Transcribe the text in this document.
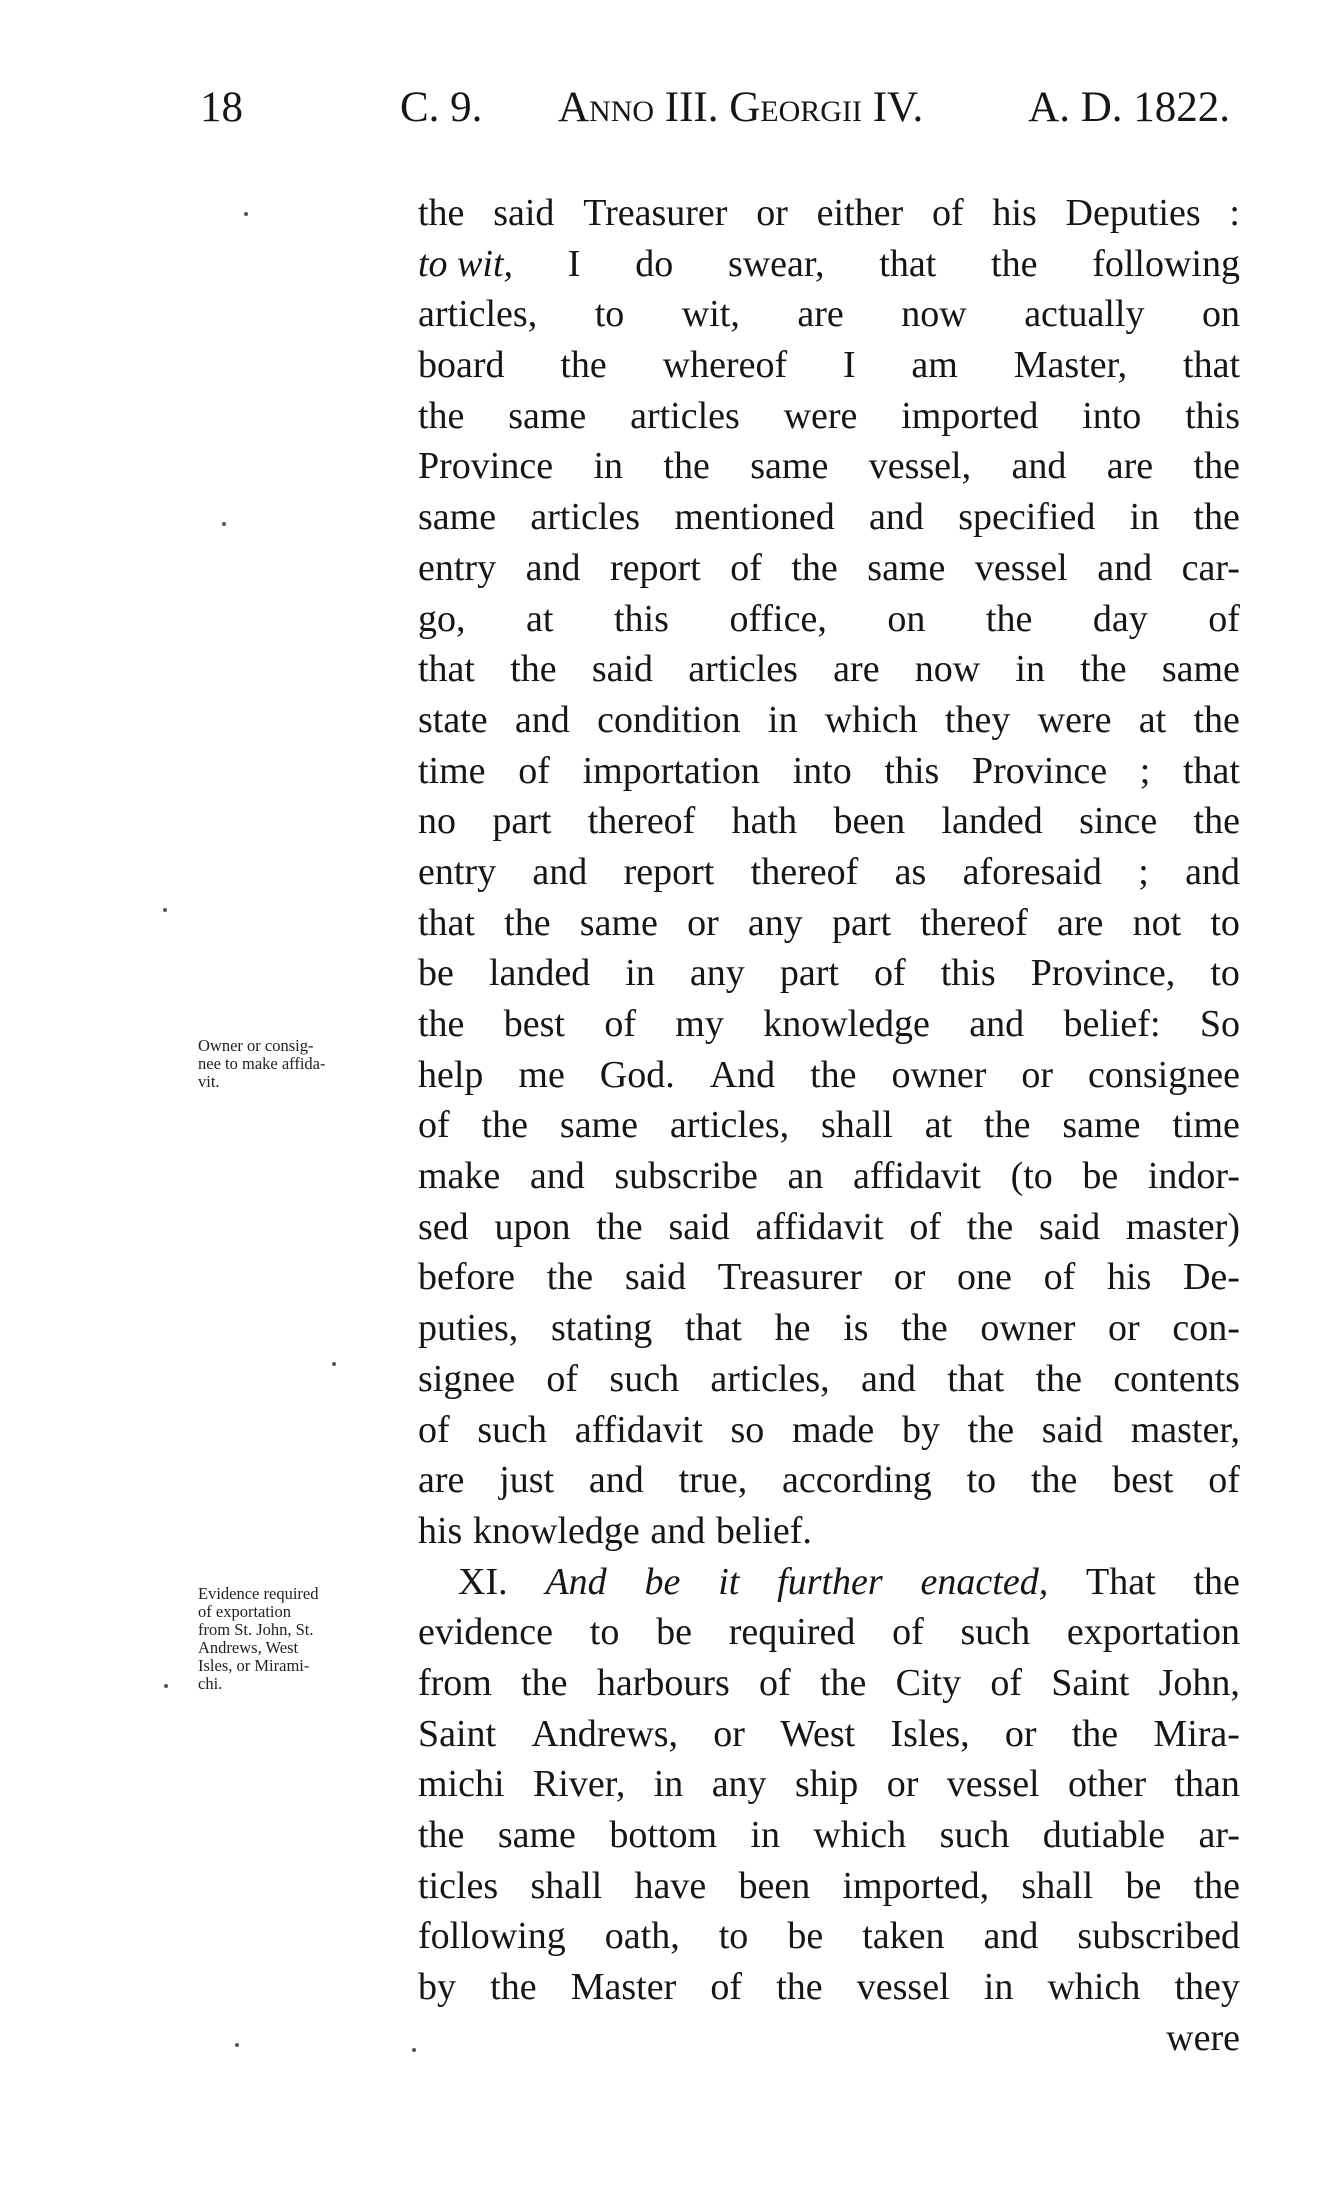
18	C. 9. Anno III. Georgii IV. A. D. 1822.
the said Treasurer or either of his Deputies :
to wit, I do swear, that the following
articles, to wit, are now actually on
board the whereof I am Master, that
the same articles were imported into this
Province in the same vessel, and are the
same articles mentioned and specified in the
entry and report of the same vessel and car-
go, at this office, on the day of
that the said articles are now in the same
state and condition in which they were at the
time of importation into this Province ; that
no part thereof hath been landed since the
entry and report thereof as aforesaid ; and
that the same or any part thereof are not to
be landed in any part of this Province, to
the best of my knowledge and belief: So
help me God. And the owner or consignee
of the same articles, shall at the same time
make and subscribe an affidavit (to be indor-
sed upon the said affidavit of the said master)
before the said Treasurer or one of his De-
puties, stating that he is the owner or con-
signee of such articles, and that the contents
of such affidavit so made by the said master,
are just and true, according to the best of
his knowledge and belief.
XI. And be it further enacted, That the
evidence to be required of such exportation
from the harbours of the City of Saint John,
Saint Andrews, or West Isles, or the Mira-
michi River, in any ship or vessel other than
the same bottom in which such dutiable ar-
ticles shall have been imported, shall be the
following oath, to be taken and subscribed
by the Master of the vessel in which they
were
Owner or consig-
nee to make affida-
vit.
Evidence required
of exportation
from St. John, St.
Andrews, West
Isles, or Mirami-
chi.
